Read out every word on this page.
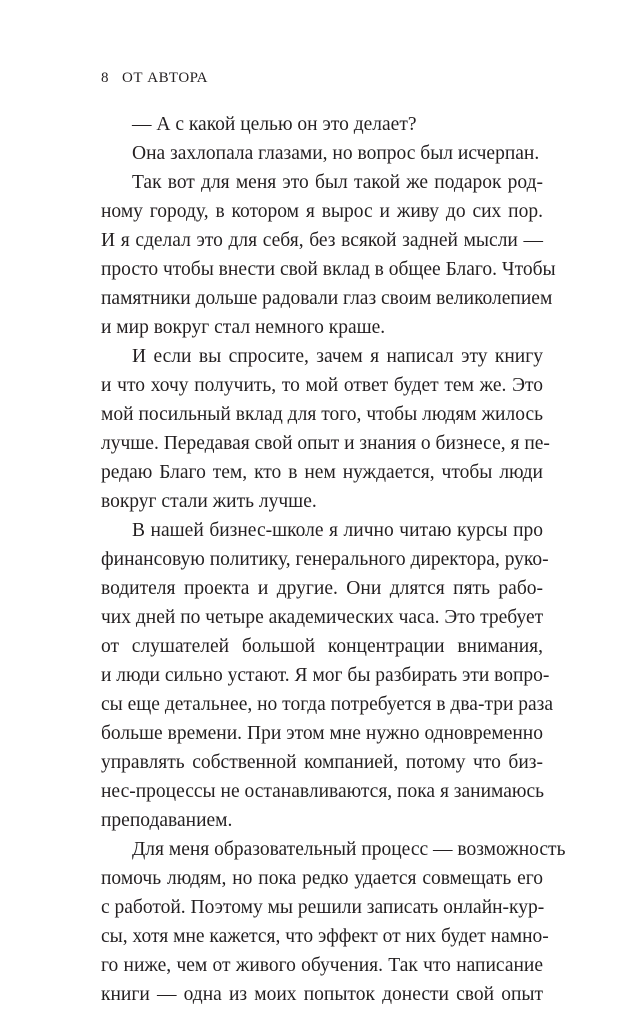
8 ОТ АВТОРА
— А с какой целью он это делает?
Она захлопала глазами, но вопрос был исчерпан.
Так вот для меня это был такой же подарок род-
ному городу, в котором я вырос и живу до сих пор.
И я сделал это для себя, без всякой задней мысли —
просто чтобы внести свой вклад в общее Благо. Чтобы
памятники дольше радовали глаз своим великолепием
и мир вокруг стал немного краше.
И если вы спросите, зачем я написал эту книгу
и что хочу получить, то мой ответ будет тем же. Это
мой посильный вклад для того, чтобы людям жилось
лучше. Передавая свой опыт и знания о бизнесе, я пе-
редаю Благо тем, кто в нем нуждается, чтобы люди
вокруг стали жить лучше.
В нашей бизнес-школе я лично читаю курсы про
финансовую политику, генерального директора, руко-
водителя проекта и другие. Они длятся пять рабо-
чих дней по четыре академических часа. Это требует
от слушателей большой концентрации внимания,
и люди сильно устают. Я мог бы разбирать эти вопро-
сы еще детальнее, но тогда потребуется в два-три раза
больше времени. При этом мне нужно одновременно
управлять собственной компанией, потому что биз-
нес-процессы не останавливаются, пока я занимаюсь
преподаванием.
Для меня образовательный процесс — возможность
помочь людям, но пока редко удается совмещать его
с работой. Поэтому мы решили записать онлайн-кур-
сы, хотя мне кажется, что эффект от них будет намно-
го ниже, чем от живого обучения. Так что написание
книги — одна из моих попыток донести свой опыт
